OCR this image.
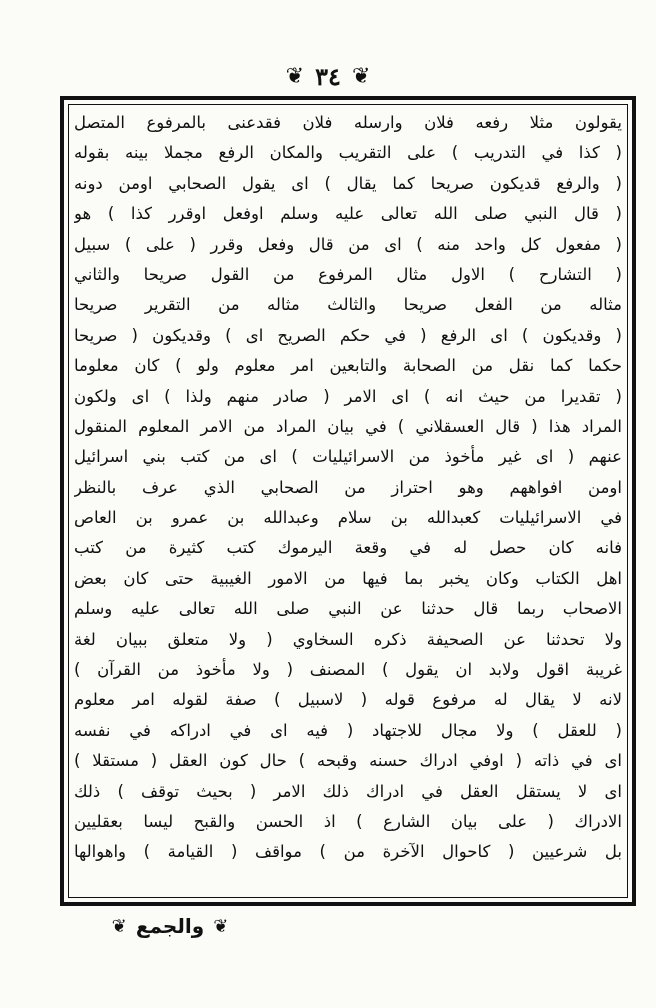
❦ ٣٤ ❦
يقولون مثلا رفعه فلان وارسله فلان فقدعنى بالمرفوع المتصل
( كذا في التدريب ) على التقريب والمكان الرفع مجملا بينه بقوله
( والرفع قديكون صريحا كما يقال ) اى يقول الصحابي اومن دونه
( قال النبي صلى الله تعالى عليه وسلم اوفعل اوقرر كذا ) هو
( مفعول كل واحد منه ) اى من قال وفعل وقرر ( على ) سبيل
( التشارح ) الاول مثال المرفوع من القول صريحا والثاني
مثاله من الفعل صريحا والثالث مثاله من التقرير صريحا
( وقديكون ) اى الرفع ( في حكم الصريح اى ) وقديكون ( صريحا
حكما كما نقل من الصحابة والتابعين امر معلوم ولو ) كان معلوما
( تقديرا من حيث انه ) اى الامر ( صادر منهم ولذا ) اى ولكون
المراد هذا ( قال العسقلاني ) في بيان المراد من الامر المعلوم المنقول
عنهم ( اى غير مأخوذ من الاسرائيليات ) اى من كتب بني اسرائيل
اومن افواههم وهو احتراز من الصحابي الذي عرف بالنظر
في الاسرائيليات كعبدالله بن سلام وعبدالله بن عمرو بن العاص
فانه كان حصل له في وقعة اليرموك كتب كثيرة من كتب
اهل الكتاب وكان يخبر بما فيها من الامور الغيبية حتى كان بعض
الاصحاب ربما قال حدثنا عن النبي صلى الله تعالى عليه وسلم
ولا تحدثنا عن الصحيفة ذكره السخاوي ( ولا متعلق ببيان لغة
غريبة اقول ولابد ان يقول ) المصنف ( ولا مأخوذ من القرآن )
لانه لا يقال له مرفوع قوله ( لاسبيل ) صفة لقوله امر معلوم
( للعقل ) ولا مجال للاجتهاد ( فيه اى في ادراكه في نفسه
اى في ذاته ( اوفي ادراك حسنه وقبحه ) حال كون العقل ( مستقلا )
اى لا يستقل العقل في ادراك ذلك الامر ( بحيث توقف ) ذلك
الادراك ( على بيان الشارع ) اذ الحسن والقبح ليسا بعقليين
بل شرعيين ( كاحوال الآخرة من ) مواقف ( القيامة ) واهوالها
❦ والجمع ❦
